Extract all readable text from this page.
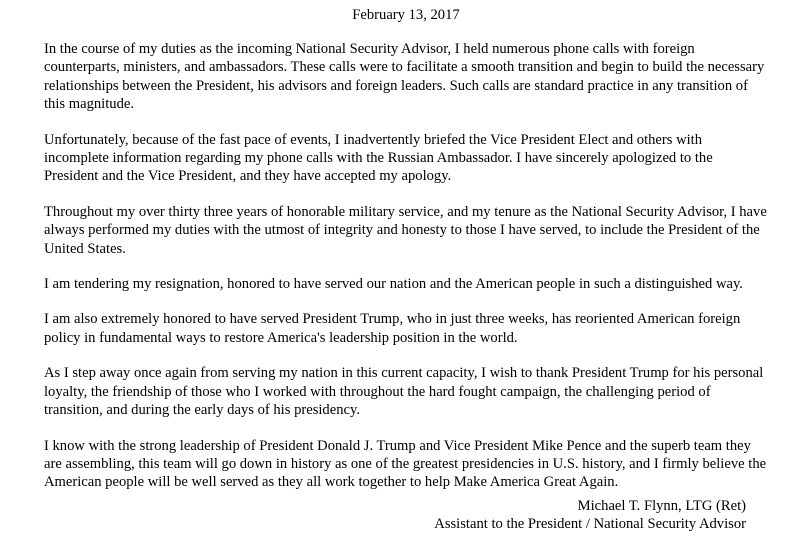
February 13, 2017

In the course of my duties as the incoming National Security Advisor, I held numerous phone calls with foreign counterparts, ministers, and ambassadors. These calls were to facilitate a smooth transition and begin to build the necessary relationships between the President, his advisors and foreign leaders. Such calls are standard practice in any transition of this magnitude.

Unfortunately, because of the fast pace of events, I inadvertently briefed the Vice President Elect and others with incomplete information regarding my phone calls with the Russian Ambassador. I have sincerely apologized to the President and the Vice President, and they have accepted my apology.

Throughout my over thirty three years of honorable military service, and my tenure as the National Security Advisor, I have always performed my duties with the utmost of integrity and honesty to those I have served, to include the President of the United States.

I am tendering my resignation, honored to have served our nation and the American people in such a distinguished way.

I am also extremely honored to have served President Trump, who in just three weeks, has reoriented American foreign policy in fundamental ways to restore America's leadership position in the world.

As I step away once again from serving my nation in this current capacity, I wish to thank President Trump for his personal loyalty, the friendship of those who I worked with throughout the hard fought campaign, the challenging period of transition, and during the early days of his presidency.

I know with the strong leadership of President Donald J. Trump and Vice President Mike Pence and the superb team they are assembling, this team will go down in history as one of the greatest presidencies in U.S. history, and I firmly believe the American people will be well served as they all work together to help Make America Great Again.

Michael T. Flynn, LTG (Ret)
Assistant to the President / National Security Advisor
